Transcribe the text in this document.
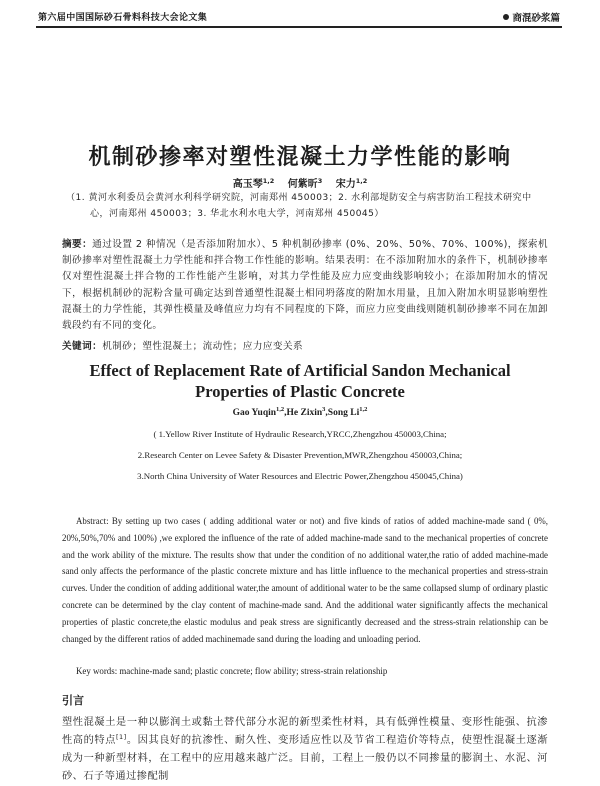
第六届中国国际砂石骨料科技大会论文集	商混砂浆篇
机制砂掺率对塑性混凝土力学性能的影响
高玉琴$^{1,2}$ 何紫昕$^3$ 宋力$^{1,2}$
（1. 黄河水利委员会黄河水利科学研究院，河南郑州 450003；2. 水利部堤防安全与病害防治工程技术研究中心，河南郑州 450003；3. 华北水利水电大学，河南郑州 450045）
摘要：通过设置 2 种情况（是否添加附加水）、5 种机制砂掺率 (0%、20%、50%、70%、100%)，探索机制砂掺率对塑性混凝土力学性能和拌合物工作性能的影响。结果表明：在不添加附加水的条件下，机制砂掺率仅对塑性混凝土拌合物的工作性能产生影响，对其力学性能及应力应变曲线影响较小；在添加附加水的情况下，根据机制砂的泥粉含量可确定达到普通塑性混凝土相同坍落度的附加水用量，且加入附加水明显影响塑性混凝土的力学性能，其弹性模量及峰值应力均有不同程度的下降，而应力应变曲线则随机制砂掺率不同在加卸载段约有不同的变化。
关键词：机制砂；塑性混凝土；流动性；应力应变关系
Effect of Replacement Rate of Artificial Sandon Mechanical
Properties of Plastic Concrete
Gao Yuqin$^{1,2}$,He Zixin$^3$,Song Li$^{1,2}$
( 1.Yellow River Institute of Hydraulic Research,YRCC,Zhengzhou 450003,China;
2.Research Center on Levee Safety & Disaster Prevention,MWR,Zhengzhou 450003,China;
3.North China University of Water Resources and Electric Power,Zhengzhou 450045,China)
Abstract: By setting up two cases ( adding additional water or not) and five kinds of ratios of added machine-made sand ( 0%, 20%,50%,70% and 100%) ,we explored the influence of the rate of added machine-made sand to the mechanical properties of concrete and the work ability of the mixture. The results show that under the condition of no additional water,the ratio of added machine-made sand only affects the performance of the plastic concrete mixture and has little influence to the mechanical properties and stress-strain curves. Under the condition of adding additional water,the amount of additional water to be the same collapsed slump of ordinary plastic concrete can be determined by the clay content of machine-made sand. And the additional water significantly affects the mechanical properties of plastic concrete,the elastic modulus and peak stress are significantly decreased and the stress-strain relationship can be changed by the different ratios of added machinemade sand during the loading and unloading period.
Key words: machine-made sand; plastic concrete; flow ability; stress-strain relationship
引言
塑性混凝土是一种以膨润土或黏土替代部分水泥的新型柔性材料，具有低弹性模量、变形性能强、抗渗性高的特点[1]。因其良好的抗渗性、耐久性、变形适应性以及节省工程造价等特点，使塑性混凝土逐渐成为一种新型材料，在工程中的应用越来越广泛。目前，工程上一般仍以不同掺量的膨润土、水泥、河砂、石子等通过掺配制
